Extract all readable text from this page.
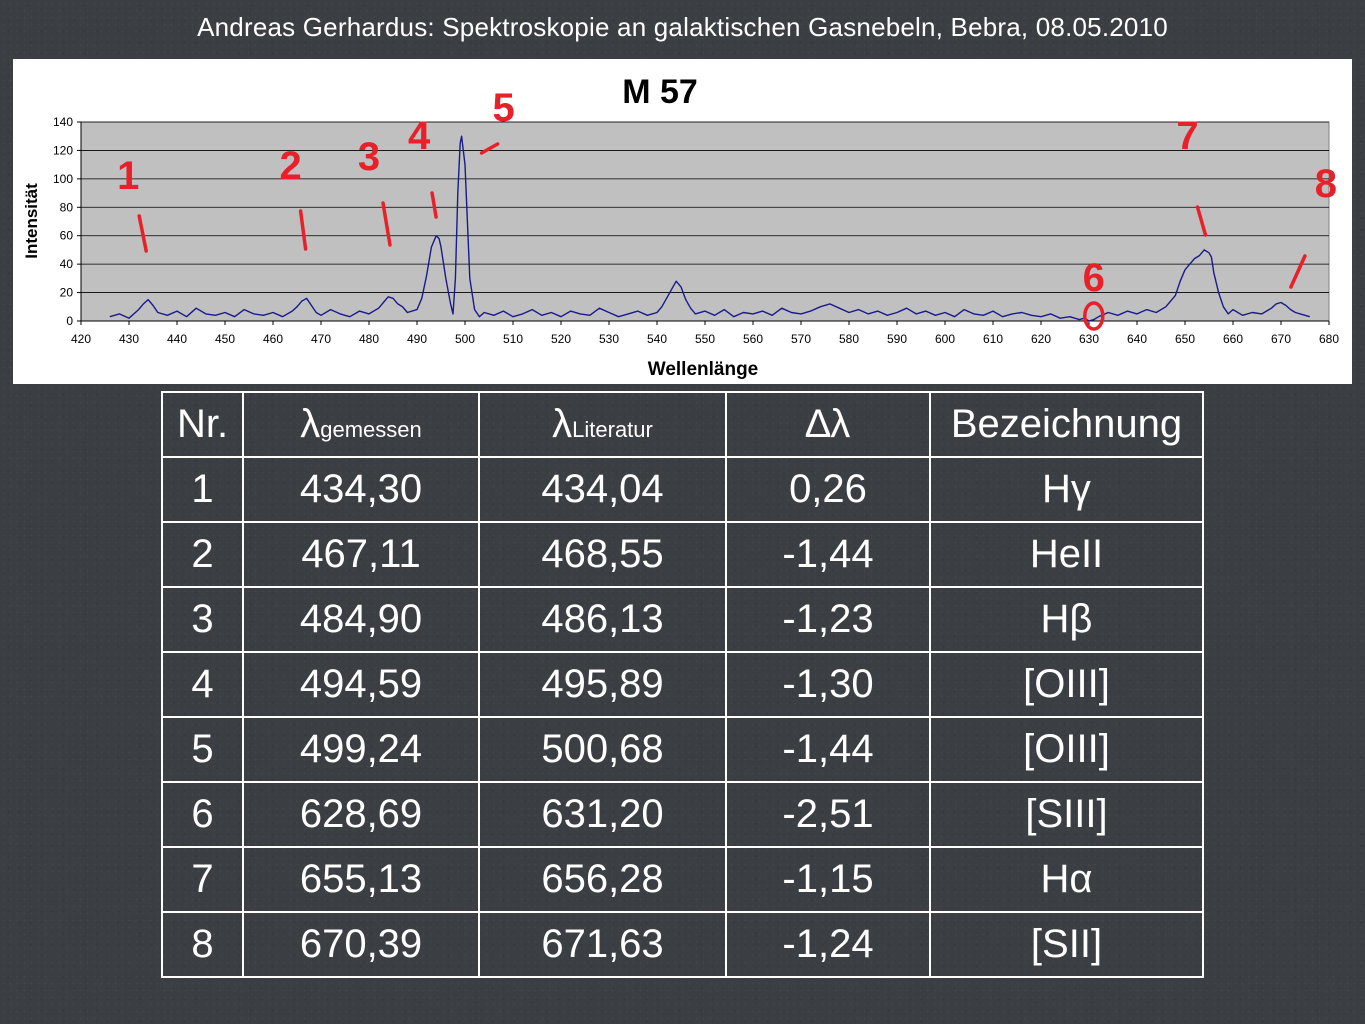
Andreas Gerhardus: Spektroskopie an galaktischen Gasnebeln, Bebra, 08.05.2010
0
20
40
60
80
100
120
140
420 430 440 450 460 470 480 490 500 510 520 530 540 550 560 570 580 590 600 610 620 630 640 650 660 670 680
M 57
Wellenlänge
Intensität
1	2 3 4
5
6
7
8
Nr.	λgemessen	λLiteratur	∆λ	Bezeichnung
1	434,30	434,04	0,26	Hγ
2	467,11	468,55	-1,44	HeII
3	484,90	486,13	-1,23	Hβ
4	494,59	495,89	-1,30	[OIII]
5	499,24	500,68	-1,44	[OIII]
6	628,69	631,20	-2,51	[SIII]
7	655,13	656,28	-1,15	Hα
8	670,39	671,63	-1,24	[SII]
